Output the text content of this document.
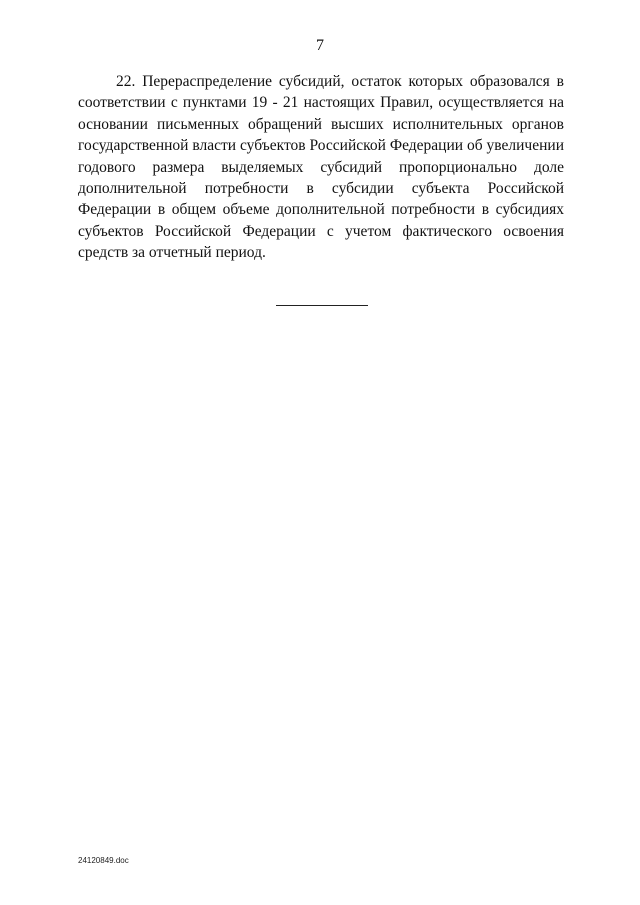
7

22. Перераспределение субсидий, остаток которых образовался в соответствии с пунктами 19 - 21 настоящих Правил, осуществляется на основании письменных обращений высших исполнительных органов государственной власти субъектов Российской Федерации об увеличении годового размера выделяемых субсидий пропорционально доле дополнительной потребности в субсидии субъекта Российской Федерации в общем объеме дополнительной потребности в субсидиях субъектов Российской Федерации с учетом фактического освоения средств за отчетный период.

24120849.doc
